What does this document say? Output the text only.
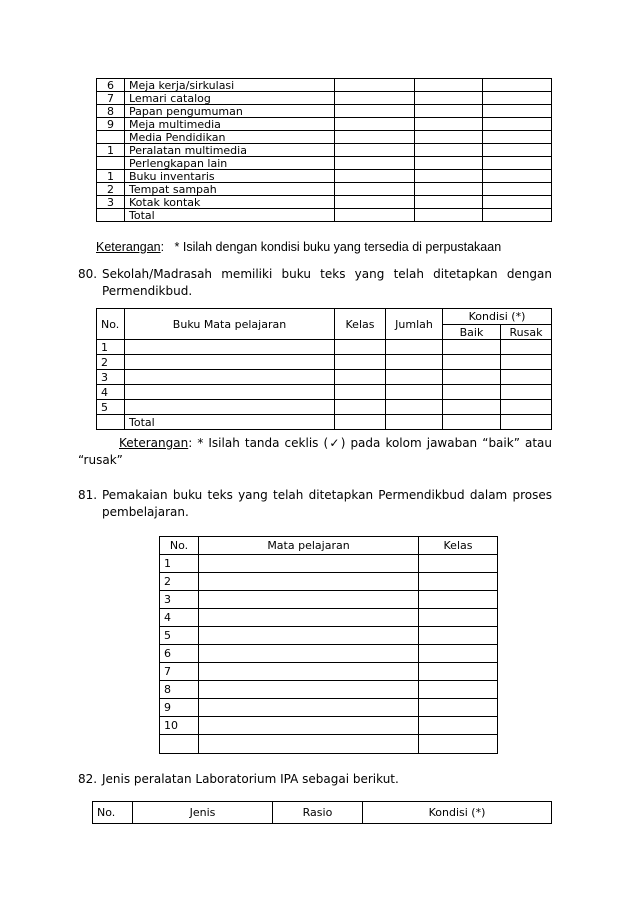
6	Meja kerja/sirkulasi			
7	Lemari catalog			
8	Papan pengumuman			
9	Meja multimedia			
	Media Pendidikan			
1	Peralatan multimedia			
	Perlengkapan lain			
1	Buku inventaris			
2	Tempat sampah			
3	Kotak kontak			
	Total			
Keterangan: * Isilah dengan kondisi buku yang tersedia di perpustakaan
80. Sekolah/Madrasah memiliki buku teks yang telah ditetapkan dengan
Permendikbud.
No.	Buku Mata pelajaran	Kelas	Jumlah	Kondisi (*)	
				Baik	Rusak
1					
2					
3					
4					
5					
	Total				
Keterangan: * Isilah tanda ceklis (✓) pada kolom jawaban “baik” atau
“rusak”
81. Pemakaian buku teks yang telah ditetapkan Permendikbud dalam proses
pembelajaran.
No.	Mata pelajaran	Kelas
1		
2		
3		
4		
5		
6		
7		
8		
9		
10		

82. Jenis peralatan Laboratorium IPA sebagai berikut.
No.	Jenis	Rasio	Kondisi (*)
